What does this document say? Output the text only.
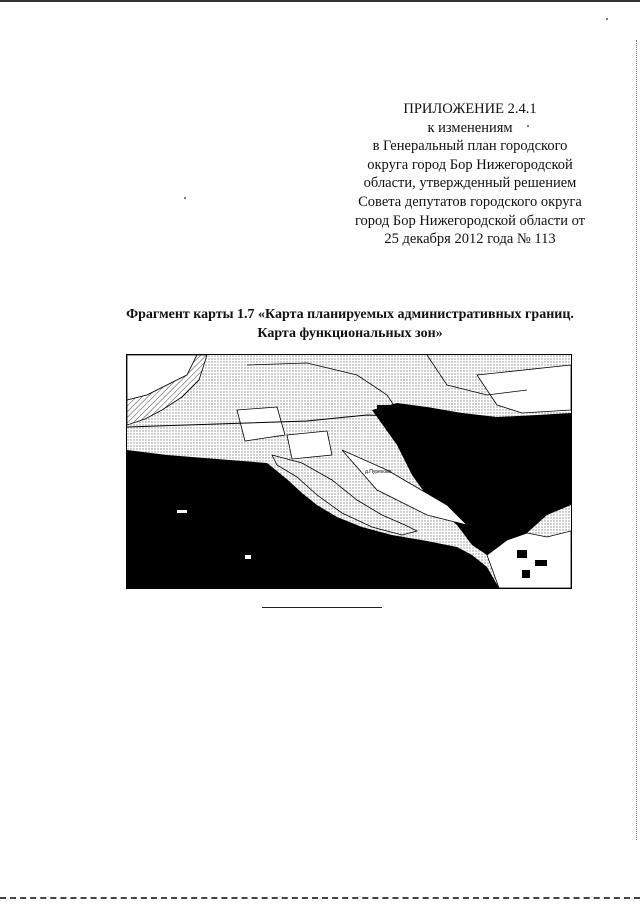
ПРИЛОЖЕНИЕ 2.4.1
к изменениям
в Генеральный план городского
округа город Бор Нижегородской
области, утвержденный решением
Совета депутатов городского округа
город Бор Нижегородской области от
25 декабря 2012 года № 113
Фрагмент карты 1.7 «Карта планируемых административных границ.
Карта функциональных зон»
д.Пурехово
